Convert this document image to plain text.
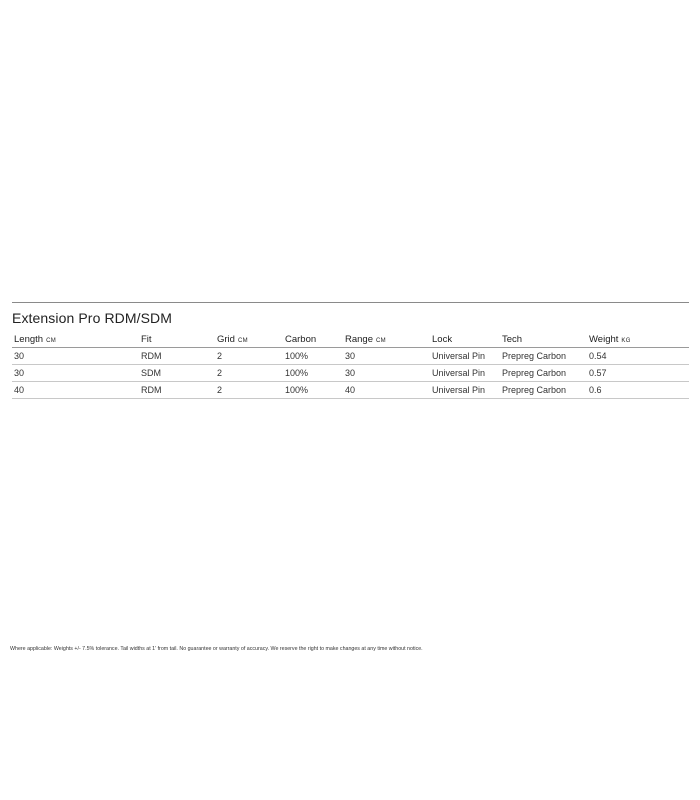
Extension Pro RDM/SDM
Length CM	Fit	Grid CM	Carbon	Range CM	Lock	Tech	Weight KG
30	RDM	2	100%	30	Universal Pin	Prepreg Carbon	0.54
30	SDM	2	100%	30	Universal Pin	Prepreg Carbon	0.57
40	RDM	2	100%	40	Universal Pin	Prepreg Carbon	0.6
Where applicable: Weights +/- 7.5% tolerance. Tail widths at 1' from tail. No guarantee or warranty of accuracy. We reserve the right to make changes at any time without notice.
